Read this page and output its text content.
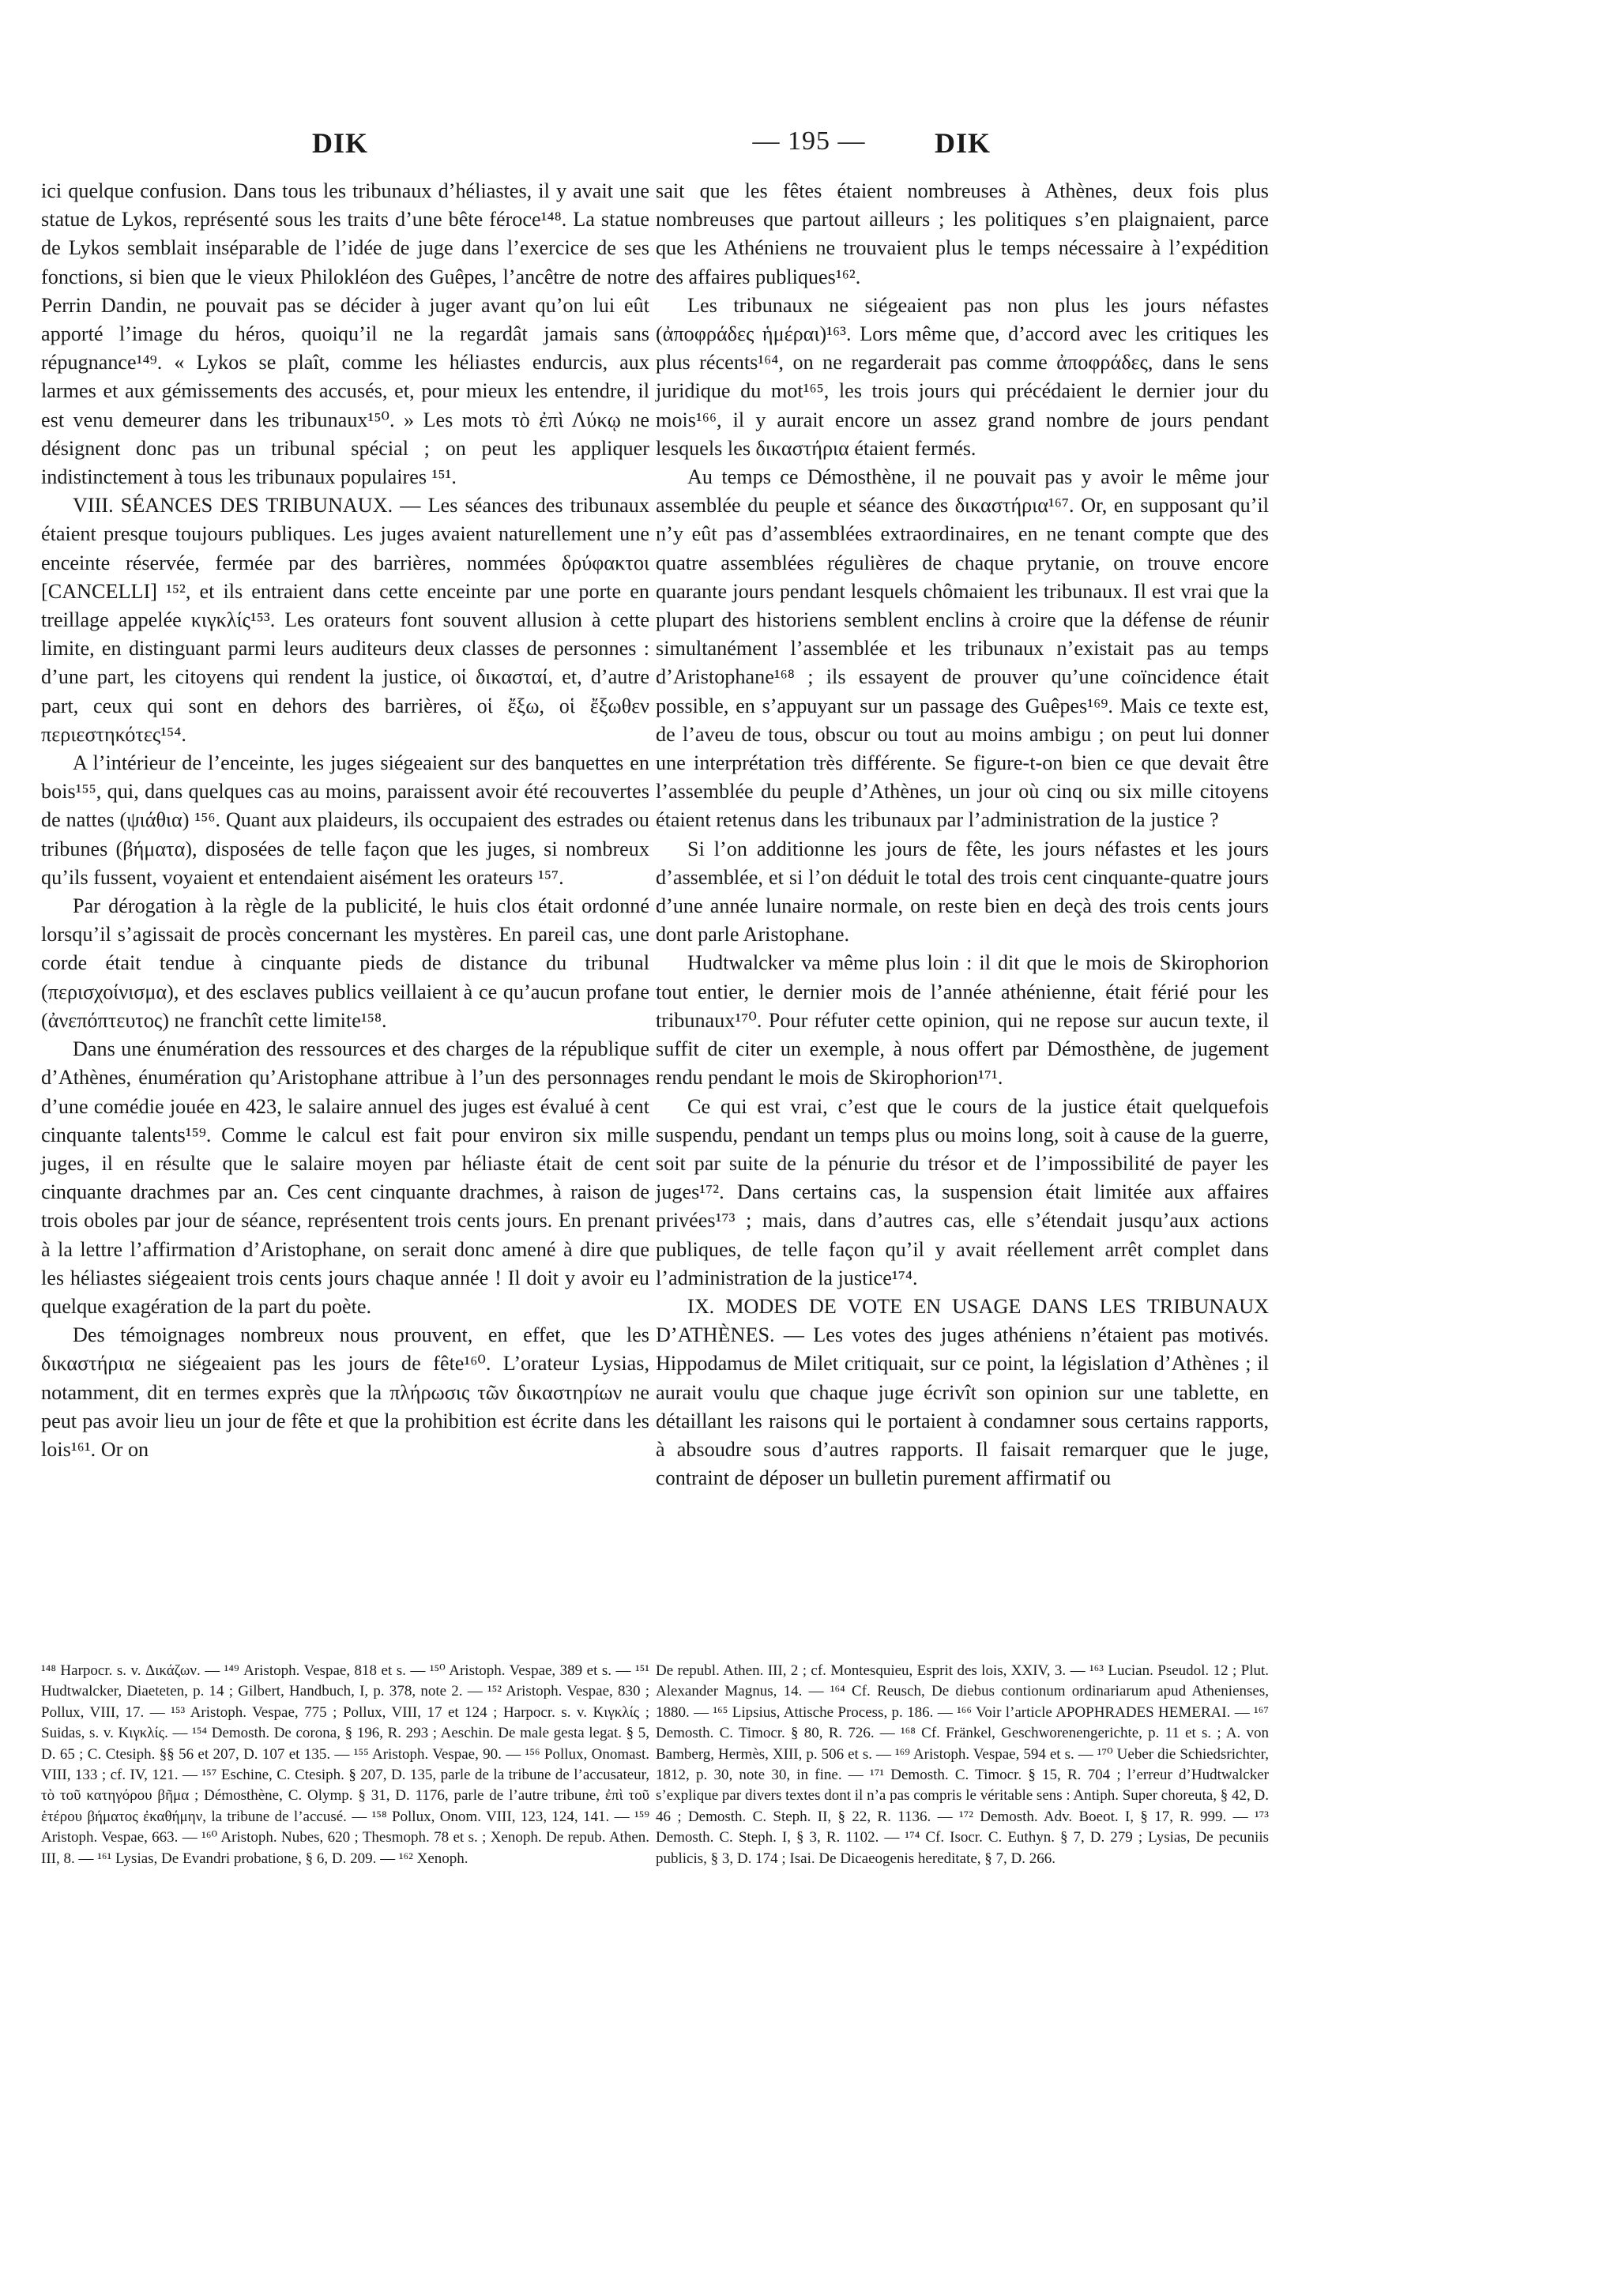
— 195 —
DIK	DIK

ici quelque confusion. Dans tous les tribunaux d’héliastes, il y avait une statue de Lykos, représenté sous les traits d’une bête féroce¹⁴⁸. La statue de Lykos semblait inséparable de l’idée de juge dans l’exercice de ses fonctions, si bien que le vieux Philokléon des Guêpes, l’ancêtre de notre Perrin Dandin, ne pouvait pas se décider à juger avant qu’on lui eût apporté l’image du héros, quoiqu’il ne la regardât jamais sans répugnance¹⁴⁹. « Lykos se plaît, comme les héliastes endurcis, aux larmes et aux gémissements des accusés, et, pour mieux les entendre, il est venu demeurer dans les tribunaux¹⁵⁰. » Les mots τὸ ἐπὶ Λύκῳ ne désignent donc pas un tribunal spécial ; on peut les appliquer indistinctement à tous les tribunaux populaires ¹⁵¹.

VIII. SÉANCES DES TRIBUNAUX. — Les séances des tribunaux étaient presque toujours publiques. Les juges avaient naturellement une enceinte réservée, fermée par des barrières, nommées δρύφακτοι [CANCELLI] ¹⁵², et ils entraient dans cette enceinte par une porte en treillage appelée κιγκλίς¹⁵³. Les orateurs font souvent allusion à cette limite, en distinguant parmi leurs auditeurs deux classes de personnes : d’une part, les citoyens qui rendent la justice, οἱ δικασταί, et, d’autre part, ceux qui sont en dehors des barrières, οἱ ἔξω, οἱ ἔξωθεν περιεστηκότες¹⁵⁴.

A l’intérieur de l’enceinte, les juges siégeaient sur des banquettes en bois¹⁵⁵, qui, dans quelques cas au moins, paraissent avoir été recouvertes de nattes (ψιάθια) ¹⁵⁶. Quant aux plaideurs, ils occupaient des estrades ou tribunes (βήματα), disposées de telle façon que les juges, si nombreux qu’ils fussent, voyaient et entendaient aisément les orateurs ¹⁵⁷.

Par dérogation à la règle de la publicité, le huis clos était ordonné lorsqu’il s’agissait de procès concernant les mystères. En pareil cas, une corde était tendue à cinquante pieds de distance du tribunal (περισχοίνισμα), et des esclaves publics veillaient à ce qu’aucun profane (ἀνεπόπτευτος) ne franchît cette limite¹⁵⁸.

Dans une énumération des ressources et des charges de la république d’Athènes, énumération qu’Aristophane attribue à l’un des personnages d’une comédie jouée en 423, le salaire annuel des juges est évalué à cent cinquante talents¹⁵⁹. Comme le calcul est fait pour environ six mille juges, il en résulte que le salaire moyen par héliaste était de cent cinquante drachmes par an. Ces cent cinquante drachmes, à raison de trois oboles par jour de séance, représentent trois cents jours. En prenant à la lettre l’affirmation d’Aristophane, on serait donc amené à dire que les héliastes siégeaient trois cents jours chaque année ! Il doit y avoir eu quelque exagération de la part du poète.

Des témoignages nombreux nous prouvent, en effet, que les δικαστήρια ne siégeaient pas les jours de fête¹⁶⁰. L’orateur Lysias, notamment, dit en termes exprès que la πλήρωσις τῶν δικαστηρίων ne peut pas avoir lieu un jour de fête et que la prohibition est écrite dans les lois¹⁶¹. Or on

sait que les fêtes étaient nombreuses à Athènes, deux fois plus nombreuses que partout ailleurs ; les politiques s’en plaignaient, parce que les Athéniens ne trouvaient plus le temps nécessaire à l’expédition des affaires publiques¹⁶².

Les tribunaux ne siégeaient pas non plus les jours néfastes (ἀποφράδες ἡμέραι)¹⁶³. Lors même que, d’accord avec les critiques les plus récents¹⁶⁴, on ne regarderait pas comme ἀποφράδες, dans le sens juridique du mot¹⁶⁵, les trois jours qui précédaient le dernier jour du mois¹⁶⁶, il y aurait encore un assez grand nombre de jours pendant lesquels les δικαστήρια étaient fermés.

Au temps ce Démosthène, il ne pouvait pas y avoir le même jour assemblée du peuple et séance des δικαστήρια¹⁶⁷. Or, en supposant qu’il n’y eût pas d’assemblées extraordinaires, en ne tenant compte que des quatre assemblées régulières de chaque prytanie, on trouve encore quarante jours pendant lesquels chômaient les tribunaux. Il est vrai que la plupart des historiens semblent enclins à croire que la défense de réunir simultanément l’assemblée et les tribunaux n’existait pas au temps d’Aristophane¹⁶⁸ ; ils essayent de prouver qu’une coïncidence était possible, en s’appuyant sur un passage des Guêpes¹⁶⁹. Mais ce texte est, de l’aveu de tous, obscur ou tout au moins ambigu ; on peut lui donner une interprétation très différente. Se figure-t-on bien ce que devait être l’assemblée du peuple d’Athènes, un jour où cinq ou six mille citoyens étaient retenus dans les tribunaux par l’administration de la justice ?

Si l’on additionne les jours de fête, les jours néfastes et les jours d’assemblée, et si l’on déduit le total des trois cent cinquante-quatre jours d’une année lunaire normale, on reste bien en deçà des trois cents jours dont parle Aristophane.

Hudtwalcker va même plus loin : il dit que le mois de Skirophorion tout entier, le dernier mois de l’année athénienne, était férié pour les tribunaux¹⁷⁰. Pour réfuter cette opinion, qui ne repose sur aucun texte, il suffit de citer un exemple, à nous offert par Démosthène, de jugement rendu pendant le mois de Skirophorion¹⁷¹.

Ce qui est vrai, c’est que le cours de la justice était quelquefois suspendu, pendant un temps plus ou moins long, soit à cause de la guerre, soit par suite de la pénurie du trésor et de l’impossibilité de payer les juges¹⁷². Dans certains cas, la suspension était limitée aux affaires privées¹⁷³ ; mais, dans d’autres cas, elle s’étendait jusqu’aux actions publiques, de telle façon qu’il y avait réellement arrêt complet dans l’administration de la justice¹⁷⁴.

IX. MODES DE VOTE EN USAGE DANS LES TRIBUNAUX D’ATHÈNES. — Les votes des juges athéniens n’étaient pas motivés. Hippodamus de Milet critiquait, sur ce point, la législation d’Athènes ; il aurait voulu que chaque juge écrivît son opinion sur une tablette, en détaillant les raisons qui le portaient à condamner sous certains rapports, à absoudre sous d’autres rapports. Il faisait remarquer que le juge, contraint de déposer un bulletin purement affirmatif ou

¹⁴⁸ Harpocr. s. v. Δικάζων. — ¹⁴⁹ Aristoph. Vespae, 818 et s. — ¹⁵⁰ Aristoph. Vespae, 389 et s. — ¹⁵¹ Hudtwalcker, Diaeteten, p. 14 ; Gilbert, Handbuch, I, p. 378, note 2. — ¹⁵² Aristoph. Vespae, 830 ; Pollux, VIII, 17. — ¹⁵³ Aristoph. Vespae, 775 ; Pollux, VIII, 17 et 124 ; Harpocr. s. v. Κιγκλίς ; Suidas, s. v. Κιγκλίς. — ¹⁵⁴ Demosth. De corona, § 196, R. 293 ; Aeschin. De male gesta legat. § 5, D. 65 ; C. Ctesiph. §§ 56 et 207, D. 107 et 135. — ¹⁵⁵ Aristoph. Vespae, 90. — ¹⁵⁶ Pollux, Onomast. VIII, 133 ; cf. IV, 121. — ¹⁵⁷ Eschine, C. Ctesiph. § 207, D. 135, parle de la tribune de l’accusateur, τὸ τοῦ κατηγόρου βῆμα ; Démosthène, C. Olymp. § 31, D. 1176, parle de l’autre tribune, ἐπὶ τοῦ ἑτέρου βήματος ἐκαθήμην, la tribune de l’accusé. — ¹⁵⁸ Pollux, Onom. VIII, 123, 124, 141. — ¹⁵⁹ Aristoph. Vespae, 663. — ¹⁶⁰ Aristoph. Nubes, 620 ; Thesmoph. 78 et s. ; Xenoph. De repub. Athen. III, 8. — ¹⁶¹ Lysias, De Evandri probatione, § 6, D. 209. — ¹⁶² Xenoph.

De republ. Athen. III, 2 ; cf. Montesquieu, Esprit des lois, XXIV, 3. — ¹⁶³ Lucian. Pseudol. 12 ; Plut. Alexander Magnus, 14. — ¹⁶⁴ Cf. Reusch, De diebus contionum ordinariarum apud Athenienses, 1880. — ¹⁶⁵ Lipsius, Attische Process, p. 186. — ¹⁶⁶ Voir l’article APOPHRADES HEMERAI. — ¹⁶⁷ Demosth. C. Timocr. § 80, R. 726. — ¹⁶⁸ Cf. Fränkel, Geschworenengerichte, p. 11 et s. ; A. von Bamberg, Hermès, XIII, p. 506 et s. — ¹⁶⁹ Aristoph. Vespae, 594 et s. — ¹⁷⁰ Ueber die Schiedsrichter, 1812, p. 30, note 30, in fine. — ¹⁷¹ Demosth. C. Timocr. § 15, R. 704 ; l’erreur d’Hudtwalcker s’explique par divers textes dont il n’a pas compris le véritable sens : Antiph. Super choreuta, § 42, D. 46 ; Demosth. C. Steph. II, § 22, R. 1136. — ¹⁷² Demosth. Adv. Boeot. I, § 17, R. 999. — ¹⁷³ Demosth. C. Steph. I, § 3, R. 1102. — ¹⁷⁴ Cf. Isocr. C. Euthyn. § 7, D. 279 ; Lysias, De pecuniis publicis, § 3, D. 174 ; Isai. De Dicaeogenis hereditate, § 7, D. 266.
